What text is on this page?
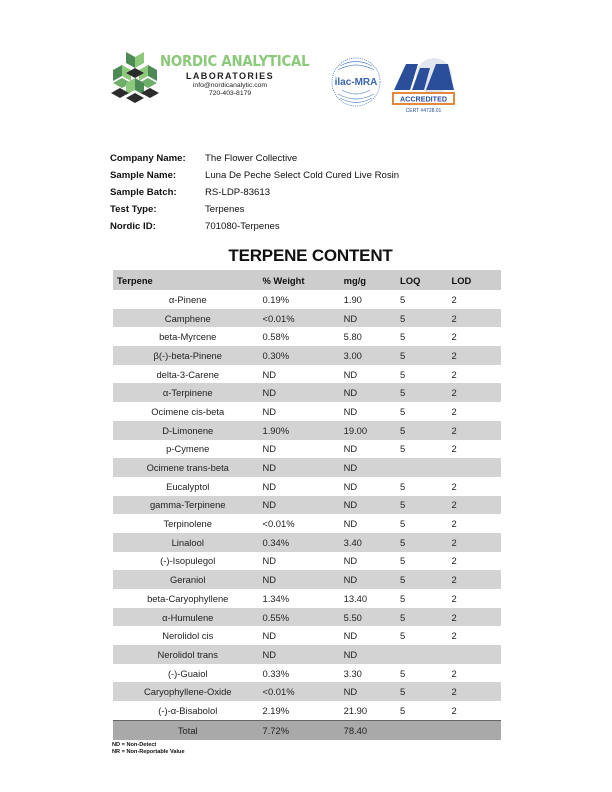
NORDIC ANALYTICAL
LABORATORIES
info@nordicanalytic.com
720-403-8179
ilac-MRA
ACCREDITED
CERT #4728.01
Company Name:	The Flower Collective
Sample Name:	Luna De Peche Select Cold Cured Live Rosin
Sample Batch:	RS-LDP-83613
Test Type:	Terpenes
Nordic ID:	701080-Terpenes
TERPENE CONTENT
Terpene	% Weight	mg/g	LOQ	LOD
α-Pinene	0.19%	1.90	5	2
Camphene	<0.01%	ND	5	2
beta-Myrcene	0.58%	5.80	5	2
β(-)-beta-Pinene	0.30%	3.00	5	2
delta-3-Carene	ND	ND	5	2
α-Terpinene	ND	ND	5	2
Ocimene cis-beta	ND	ND	5	2
D-Limonene	1.90%	19.00	5	2
p-Cymene	ND	ND	5	2
Ocimene trans-beta	ND	ND		
Eucalyptol	ND	ND	5	2
gamma-Terpinene	ND	ND	5	2
Terpinolene	<0.01%	ND	5	2
Linalool	0.34%	3.40	5	2
(-)-Isopulegol	ND	ND	5	2
Geraniol	ND	ND	5	2
beta-Caryophyllene	1.34%	13.40	5	2
α-Humulene	0.55%	5.50	5	2
Nerolidol cis	ND	ND	5	2
Nerolidol trans	ND	ND		
(-)-Guaiol	0.33%	3.30	5	2
Caryophyllene-Oxide	<0.01%	ND	5	2
(-)-α-Bisabolol	2.19%	21.90	5	2
Total	7.72%	78.40		
ND = Non-Detect
NR = Non-Reportable Value
